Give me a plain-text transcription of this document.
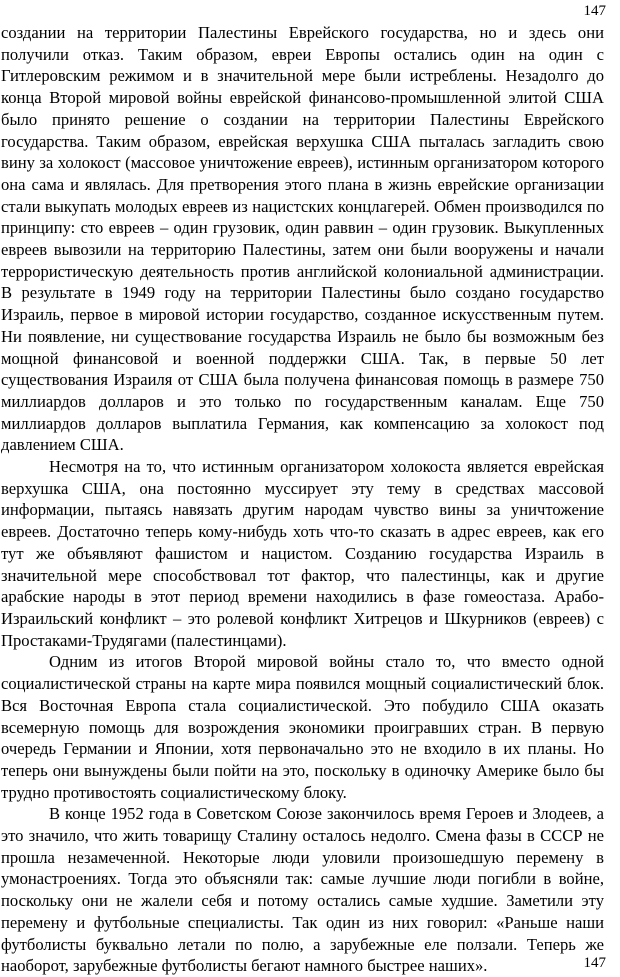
147

создании на территории Палестины Еврейского государства, но и здесь они получили отказ. Таким образом, евреи Европы остались один на один с Гитлеровским режимом и в значительной мере были истреблены. Незадолго до конца Второй мировой войны еврейской финансово-промышленной элитой США было принято решение о создании на территории Палестины Еврейского государства. Таким образом, еврейская верхушка США пыталась загладить свою вину за холокост (массовое уничтожение евреев), истинным организатором которого она сама и являлась. Для претворения этого плана в жизнь еврейские организации стали выкупать молодых евреев из нацистских концлагерей. Обмен производился по принципу: сто евреев – один грузовик, один раввин – один грузовик. Выкупленных евреев вывозили на территорию Палестины, затем они были вооружены и начали террористическую деятельность против английской колониальной администрации. В результате в 1949 году на территории Палестины было создано государство Израиль, первое в мировой истории государство, созданное искусственным путем. Ни появление, ни существование государства Израиль не было бы возможным без мощной финансовой и военной поддержки США. Так, в первые 50 лет существования Израиля от США была получена финансовая помощь в размере 750 миллиардов долларов и это только по государственным каналам. Еще 750 миллиардов долларов выплатила Германия, как компенсацию за холокост под давлением США.

Несмотря на то, что истинным организатором холокоста является еврейская верхушка США, она постоянно муссирует эту тему в средствах массовой информации, пытаясь навязать другим народам чувство вины за уничтожение евреев. Достаточно теперь кому-нибудь хоть что-то сказать в адрес евреев, как его тут же объявляют фашистом и нацистом. Созданию государства Израиль в значительной мере способствовал тот фактор, что палестинцы, как и другие арабские народы в этот период времени находились в фазе гомеостаза. Арабо-Израильский конфликт – это ролевой конфликт Хитрецов и Шкурников (евреев) с Простаками-Трудягами (палестинцами).

Одним из итогов Второй мировой войны стало то, что вместо одной социалистической страны на карте мира появился мощный социалистический блок. Вся Восточная Европа стала социалистической. Это побудило США оказать всемерную помощь для возрождения экономики проигравших стран. В первую очередь Германии и Японии, хотя первоначально это не входило в их планы. Но теперь они вынуждены были пойти на это, поскольку в одиночку Америке было бы трудно противостоять социалистическому блоку.

В конце 1952 года в Советском Союзе закончилось время Героев и Злодеев, а это значило, что жить товарищу Сталину осталось недолго. Смена фазы в СССР не прошла незамеченной. Некоторые люди уловили произошедшую перемену в умонастроениях. Тогда это объясняли так: самые лучшие люди погибли в войне, поскольку они не жалели себя и потому остались самые худшие. Заметили эту перемену и футбольные специалисты. Так один из них говорил: «Раньше наши футболисты буквально летали по полю, а зарубежные еле ползали. Теперь же наоборот, зарубежные футболисты бегают намного быстрее наших».	147
